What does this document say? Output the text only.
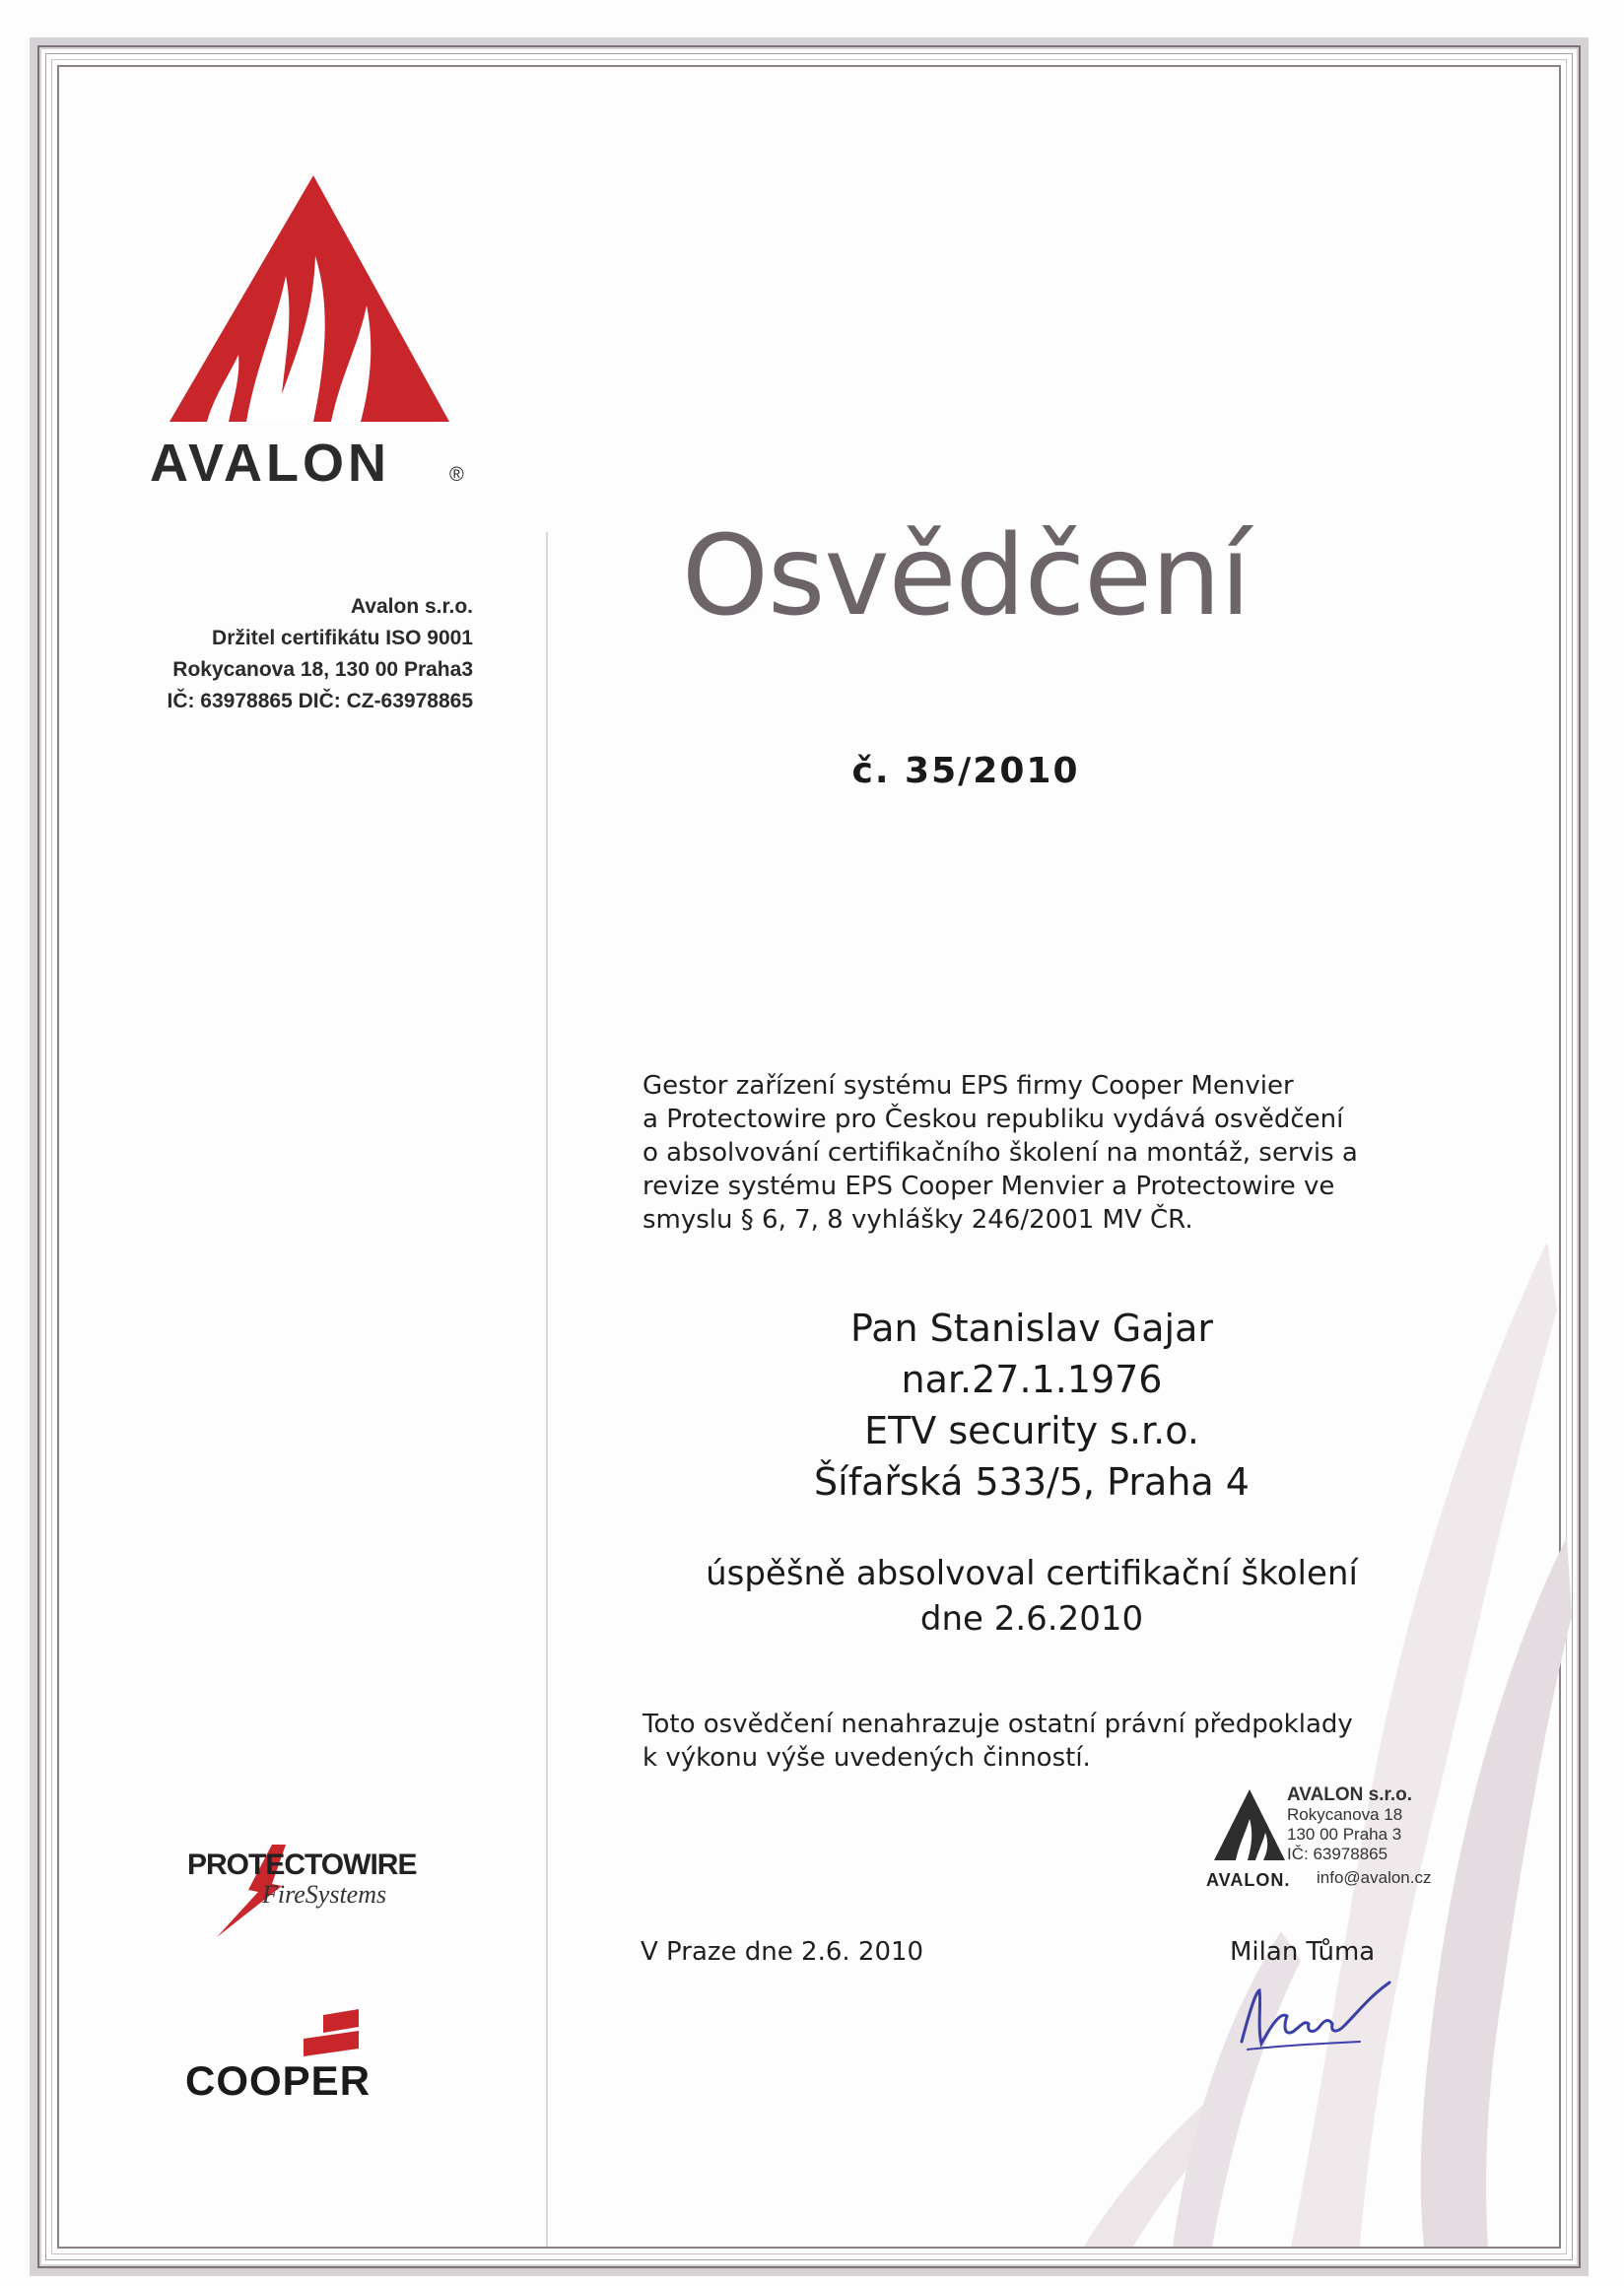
AVALON	®
Avalon s.r.o.
Držitel certifikátu ISO 9001
Rokycanova 18, 130 00 Praha3
IČ: 63978865 DIČ: CZ-63978865
Osvědčení
č. 35/2010
Gestor zařízení systému EPS firmy Cooper Menvier
a Protectowire pro Českou republiku vydává osvědčení
o absolvování certifikačního školení na montáž, servis a
revize systému EPS Cooper Menvier a Protectowire ve
smyslu § 6, 7, 8 vyhlášky 246/2001 MV ČR.
Pan Stanislav Gajar
nar.27.1.1976
ETV security s.r.o.
Šífařská 533/5, Praha 4
úspěšně absolvoval certifikační školení
dne 2.6.2010
Toto osvědčení nenahrazuje ostatní právní předpoklady
k výkonu výše uvedených činností.
AVALON s.r.o.
Rokycanova 18
130 00 Praha 3
IČ: 63978865
AVALON. info@avalon.cz
V Praze dne 2.6. 2010	Milan Tůma
PROTECTOWIRE
FireSystems
COOPER
